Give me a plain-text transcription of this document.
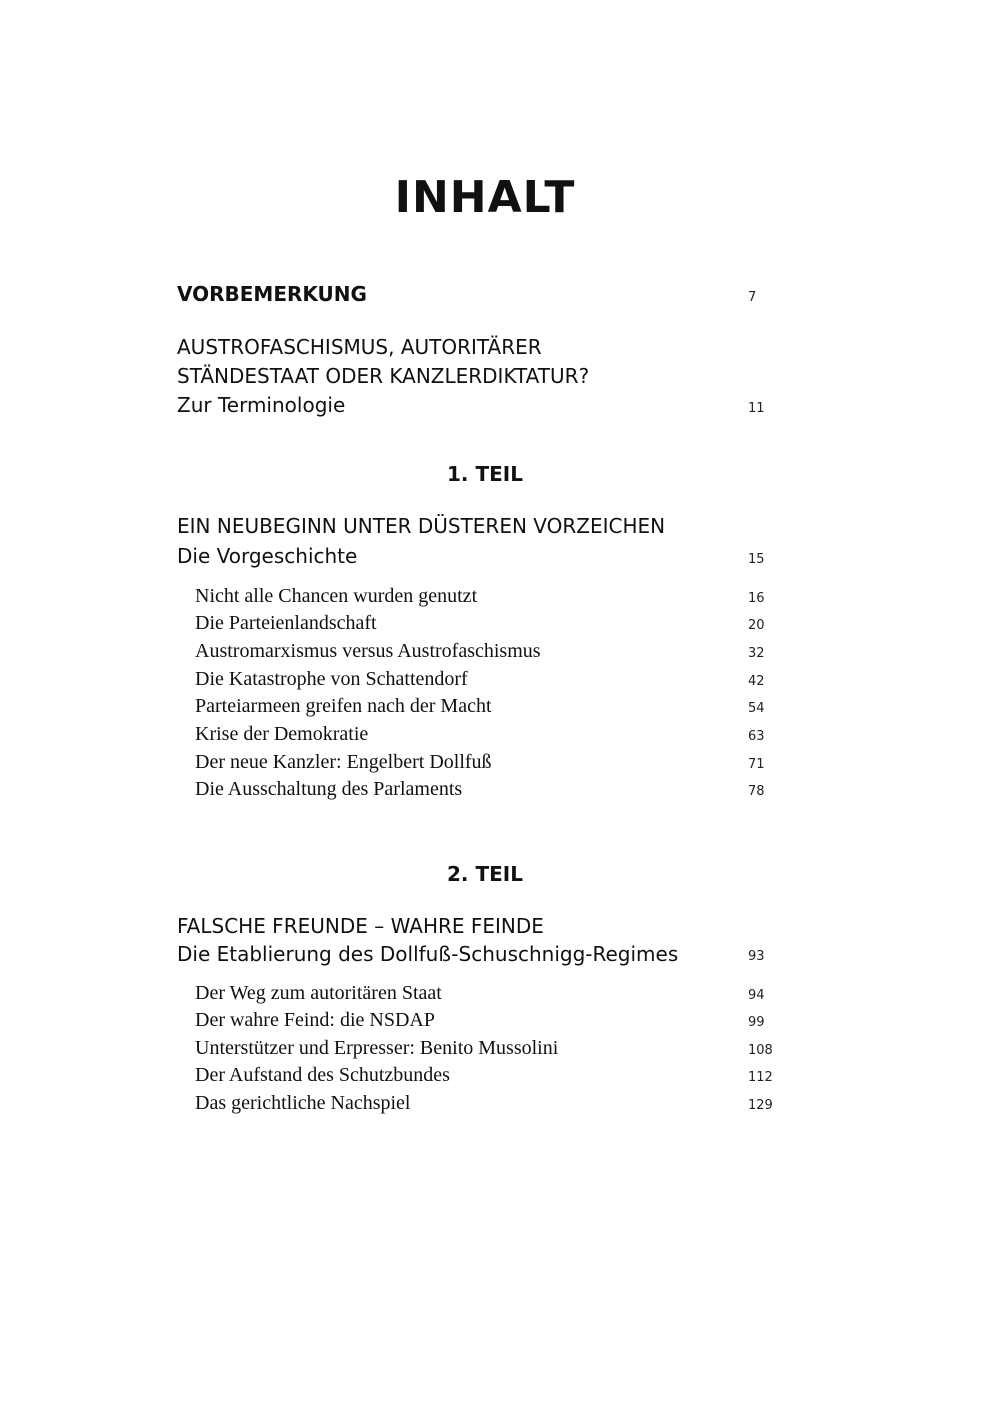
INHALT
VORBEMERKUNG	7
AUSTROFASCHISMUS, AUTORITÄRER
STÄNDESTAAT ODER KANZLERDIKTATUR?
Zur Terminologie	11
1. TEIL
EIN NEUBEGINN UNTER DÜSTEREN VORZEICHEN
Die Vorgeschichte	15
Nicht alle Chancen wurden genutzt	16
Die Parteienlandschaft	20
Austromarxismus versus Austrofaschismus	32
Die Katastrophe von Schattendorf	42
Parteiarmeen greifen nach der Macht	54
Krise der Demokratie	63
Der neue Kanzler: Engelbert Dollfuß	71
Die Ausschaltung des Parlaments	78
2. TEIL
FALSCHE FREUNDE – WAHRE FEINDE
Die Etablierung des Dollfuß-Schuschnigg-Regimes	93
Der Weg zum autoritären Staat	94
Der wahre Feind: die NSDAP	99
Unterstützer und Erpresser: Benito Mussolini	108
Der Aufstand des Schutzbundes	112
Das gerichtliche Nachspiel	129
